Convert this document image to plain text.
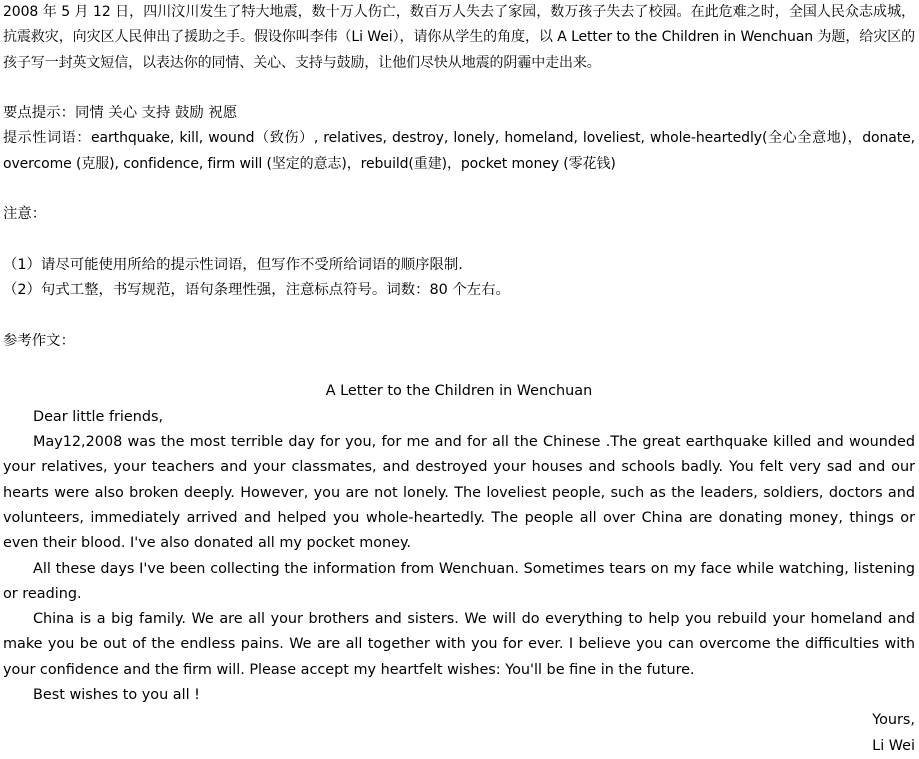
2008 年 5 月 12 日，四川汶川发生了特大地震，数十万人伤亡，数百万人失去了家园，数万孩子失去了校园。在此危难之时，全国人民众志成城，抗震救灾，向灾区人民伸出了援助之手。假设你叫李伟（Li Wei），请你从学生的角度，以 A Letter to the Children in Wenchuan 为题，给灾区的孩子写一封英文短信，以表达你的同情、关心、支持与鼓励，让他们尽快从地震的阴霾中走出来。

要点提示：同情 关心 支持 鼓励 祝愿

提示性词语：earthquake, kill, wound（致伤）, relatives, destroy, lonely, homeland, loveliest, whole-heartedly(全心全意地)，donate, overcome (克服), confidence, firm will (坚定的意志)，rebuild(重建)，pocket money (零花钱)

注意：

（1）请尽可能使用所给的提示性词语，但写作不受所给词语的顺序限制.

（2）句式工整，书写规范，语句条理性强，注意标点符号。词数：80 个左右。

参考作文：

A Letter to the Children in Wenchuan

Dear little friends,

May12,2008 was the most terrible day for you, for me and for all the Chinese .The great earthquake killed and wounded your relatives, your teachers and your classmates, and destroyed your houses and schools badly. You felt very sad and our hearts were also broken deeply. However, you are not lonely. The loveliest people, such as the leaders, soldiers, doctors and volunteers, immediately arrived and helped you whole-heartedly. The people all over China are donating money, things or even their blood. I've also donated all my pocket money.

All these days I've been collecting the information from Wenchuan. Sometimes tears on my face while watching, listening or reading.

China is a big family. We are all your brothers and sisters. We will do everything to help you rebuild your homeland and make you be out of the endless pains. We are all together with you for ever. I believe you can overcome the difficulties with your confidence and the firm will. Please accept my heartfelt wishes: You'll be fine in the future.

Best wishes to you all !

Yours,

Li Wei
